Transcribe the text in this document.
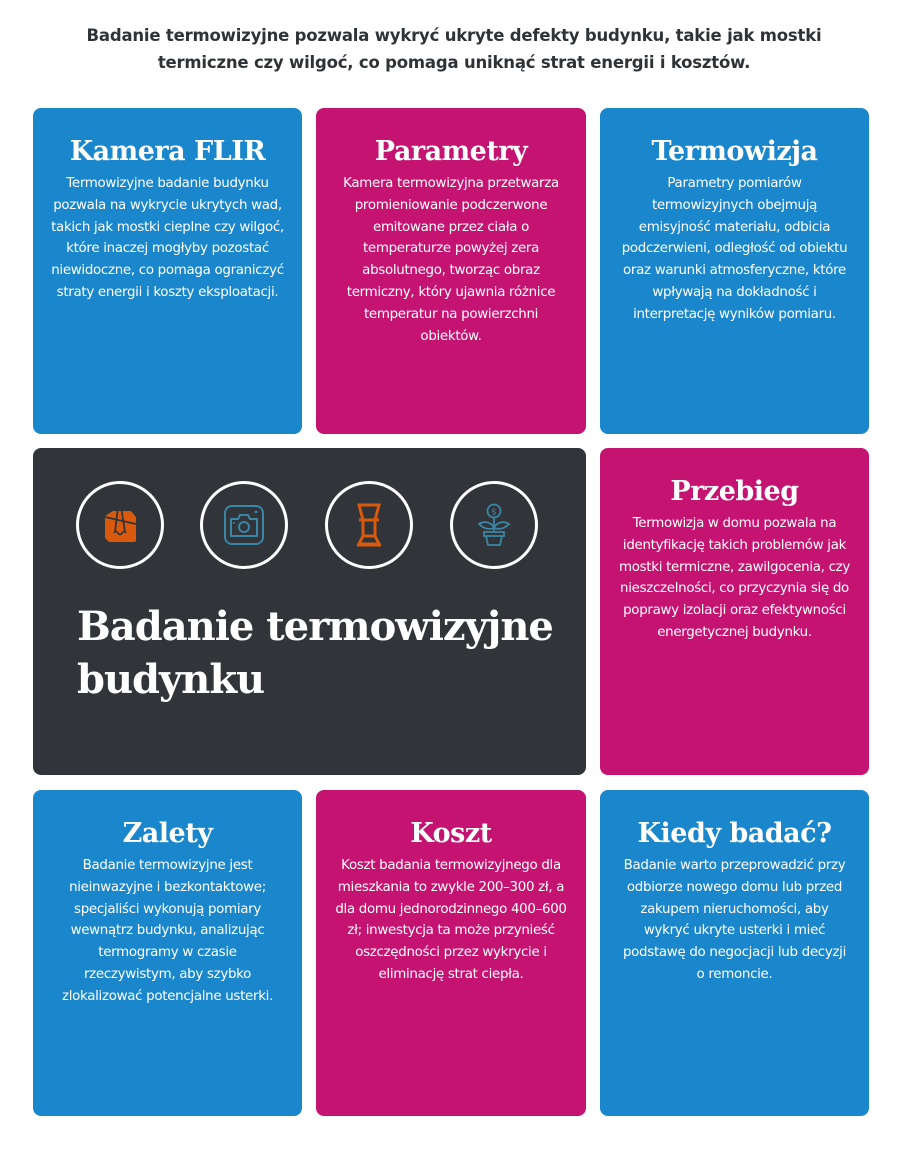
Badanie termowizyjne pozwala wykryć ukryte defekty budynku, takie jak mostki termiczne czy wilgoć, co pomaga uniknąć strat energii i kosztów.
Kamera FLIR
Termowizyjne badanie budynku pozwala na wykrycie ukrytych wad, takich jak mostki cieplne czy wilgoć, które inaczej mogłyby pozostać niewidoczne, co pomaga ograniczyć straty energii i koszty eksploatacji.
Parametry
Kamera termowizyjna przetwarza promieniowanie podczerwone emitowane przez ciała o temperaturze powyżej zera absolutnego, tworząc obraz termiczny, który ujawnia różnice temperatur na powierzchni obiektów.
Termowizja
Parametry pomiarów termowizyjnych obejmują emisyjność materiału, odbicia podczerwieni, odległość od obiektu oraz warunki atmosferyczne, które wpływają na dokładność i interpretację wyników pomiaru.
$
Badanie termowizyjne budynku
Przebieg
Termowizja w domu pozwala na identyfikację takich problemów jak mostki termiczne, zawilgocenia, czy nieszczelności, co przyczynia się do poprawy izolacji oraz efektywności energetycznej budynku.
Zalety
Badanie termowizyjne jest nieinwazyjne i bezkontaktowe; specjaliści wykonują pomiary wewnątrz budynku, analizując termogramy w czasie rzeczywistym, aby szybko zlokalizować potencjalne usterki.
Koszt
Koszt badania termowizyjnego dla mieszkania to zwykle 200–300 zł, a dla domu jednorodzinnego 400–600 zł; inwestycja ta może przynieść oszczędności przez wykrycie i eliminację strat ciepła.
Kiedy badać?
Badanie warto przeprowadzić przy odbiorze nowego domu lub przed zakupem nieruchomości, aby wykryć ukryte usterki i mieć podstawę do negocjacji lub decyzji o remoncie.
